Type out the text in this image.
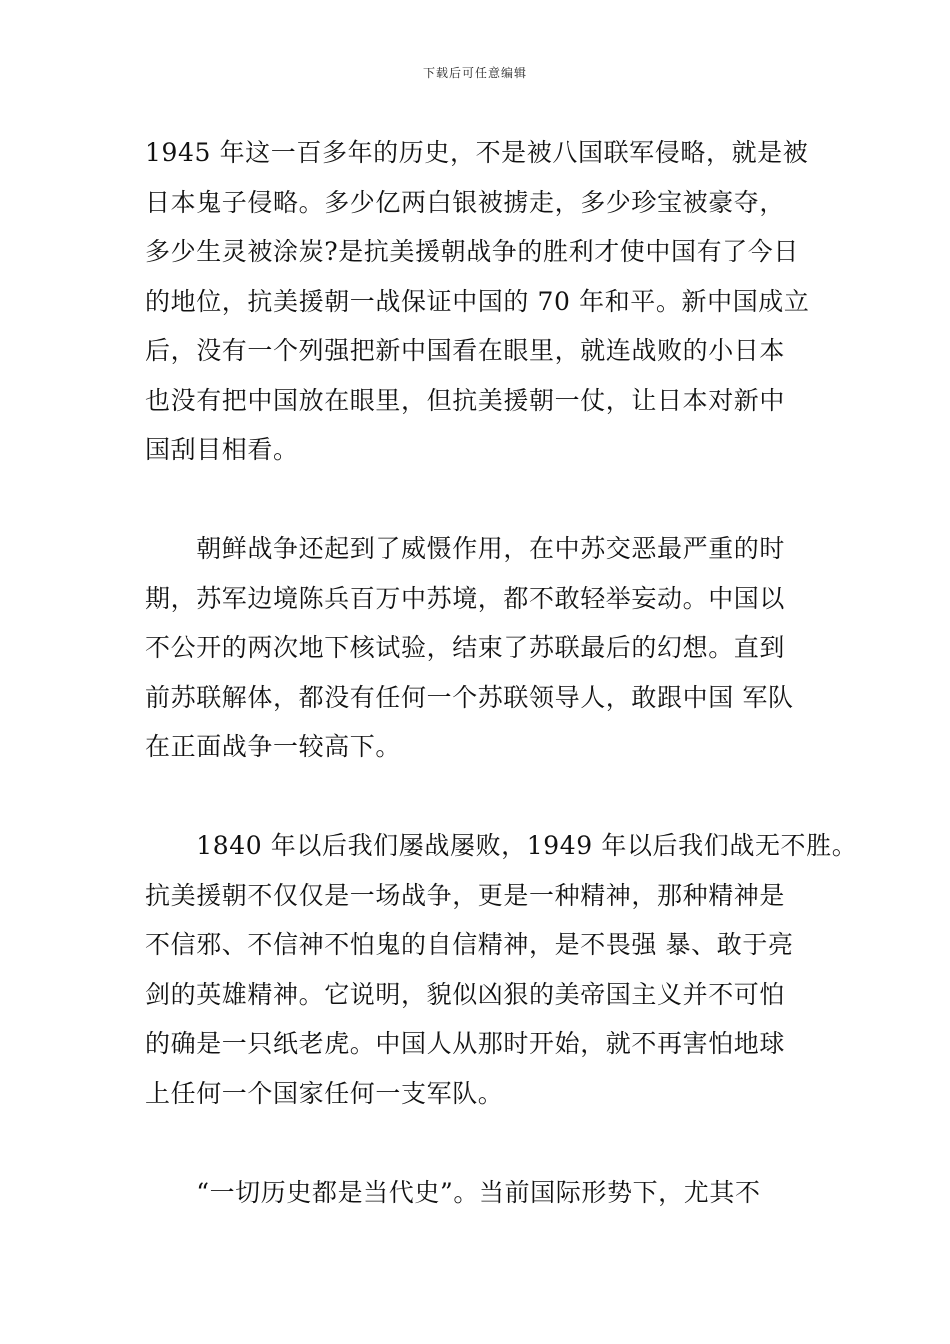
下载后可任意编辑
1945 年这一百多年的历史，不是被八国联军侵略，就是被
日本鬼子侵略。多少亿两白银被掳走，多少珍宝被豪夺，
多少生灵被涂炭?是抗美援朝战争的胜利才使中国有了今日
的地位，抗美援朝一战保证中国的 70 年和平。新中国成立
后，没有一个列强把新中国看在眼里，就连战败的小日本
也没有把中国放在眼里，但抗美援朝一仗，让日本对新中
国刮目相看。
　　朝鲜战争还起到了威慑作用，在中苏交恶最严重的时
期，苏军边境陈兵百万中苏境，都不敢轻举妄动。中国以
不公开的两次地下核试验，结束了苏联最后的幻想。直到
前苏联解体，都没有任何一个苏联领导人，敢跟中国 军队
在正面战争一较高下。
　　1840 年以后我们屡战屡败，1949 年以后我们战无不胜。
抗美援朝不仅仅是一场战争，更是一种精神，那种精神是
不信邪、不信神不怕鬼的自信精神，是不畏强 暴、敢于亮
剑的英雄精神。它说明，貌似凶狠的美帝国主义并不可怕
的确是一只纸老虎。中国人从那时开始，就不再害怕地球
上任何一个国家任何一支军队。
　　“一切历史都是当代史”。当前国际形势下，尤其不
